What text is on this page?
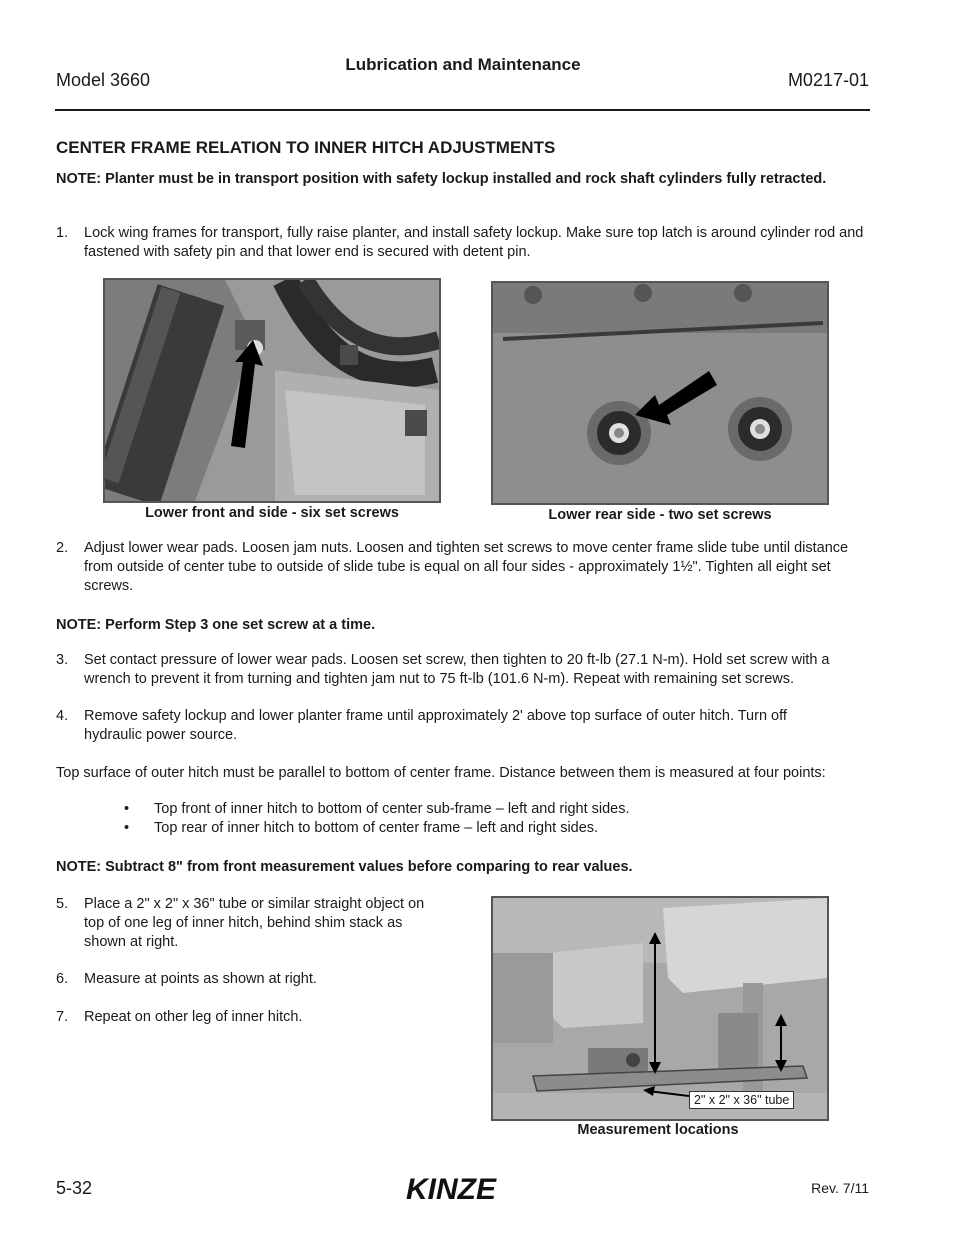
Model 3660
Lubrication and Maintenance
M0217-01
CENTER FRAME RELATION TO INNER HITCH ADJUSTMENTS
NOTE: Planter must be in transport position with safety lockup installed and rock shaft cylinders fully retracted.
1. Lock wing frames for transport, fully raise planter, and install safety lockup. Make sure top latch is around cylinder rod and fastened with safety pin and that lower end is secured with detent pin.
Lower front and side - six set screws	Lower rear side - two set screws
2. Adjust lower wear pads. Loosen jam nuts. Loosen and tighten set screws to move center frame slide tube until distance from outside of center tube to outside of slide tube is equal on all four sides - approximately 1½". Tighten all eight set screws.
NOTE: Perform Step 3 one set screw at a time.
3. Set contact pressure of lower wear pads. Loosen set screw, then tighten to 20 ft-lb (27.1 N-m). Hold set screw with a wrench to prevent it from turning and tighten jam nut to 75 ft-lb (101.6 N-m). Repeat with remaining set screws.
4. Remove safety lockup and lower planter frame until approximately 2' above top surface of outer hitch. Turn off hydraulic power source.
Top surface of outer hitch must be parallel to bottom of center frame. Distance between them is measured at four points:
• Top front of inner hitch to bottom of center sub-frame – left and right sides.
• Top rear of inner hitch to bottom of center frame – left and right sides.
NOTE: Subtract 8" from front measurement values before comparing to rear values.
5. Place a 2" x 2" x 36" tube or similar straight object on top of one leg of inner hitch, behind shim stack as shown at right.
6. Measure at points as shown at right.
7. Repeat on other leg of inner hitch.
2" x 2" x 36" tube
Measurement locations
5-32	KINZE	Rev. 7/11
